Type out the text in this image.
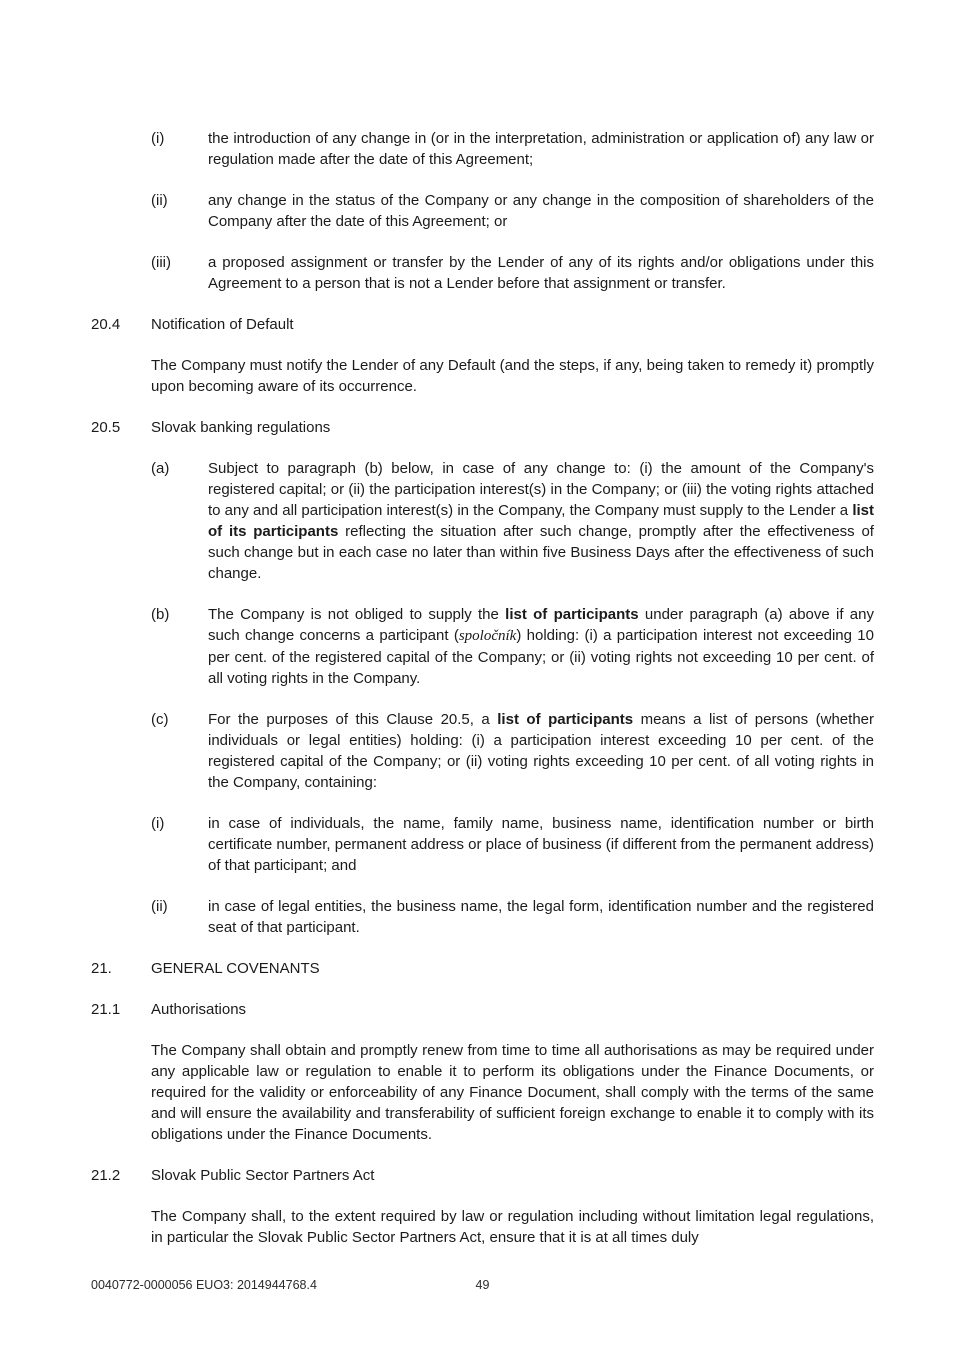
(i)	the introduction of any change in (or in the interpretation, administration or application of) any law or regulation made after the date of this Agreement;

(ii)	any change in the status of the Company or any change in the composition of shareholders of the Company after the date of this Agreement; or

(iii)	a proposed assignment or transfer by the Lender of any of its rights and/or obligations under this Agreement to a person that is not a Lender before that assignment or transfer.

20.4	Notification of Default

The Company must notify the Lender of any Default (and the steps, if any, being taken to remedy it) promptly upon becoming aware of its occurrence.

20.5	Slovak banking regulations
(a)	Subject to paragraph (b) below, in case of any change to: (i) the amount of the Company's registered capital; or (ii) the participation interest(s) in the Company; or (iii) the voting rights attached to any and all participation interest(s) in the Company, the Company must supply to the Lender a list of its participants reflecting the situation after such change, promptly after the effectiveness of such change but in each case no later than within five Business Days after the effectiveness of such change.

(b)	The Company is not obliged to supply the list of participants under paragraph (a) above if any such change concerns a participant (spoločník) holding: (i) a participation interest not exceeding 10 per cent. of the registered capital of the Company; or (ii) voting rights not exceeding 10 per cent. of all voting rights in the Company.

(c)	For the purposes of this Clause 20.5, a list of participants means a list of persons (whether individuals or legal entities) holding: (i) a participation interest exceeding 10 per cent. of the registered capital of the Company; or (ii) voting rights exceeding 10 per cent. of all voting rights in the Company, containing:

(i)	in case of individuals, the name, family name, business name, identification number or birth certificate number, permanent address or place of business (if different from the permanent address) of that participant; and

(ii)	in case of legal entities, the business name, the legal form, identification number and the registered seat of that participant.

21.	GENERAL COVENANTS
21.1	Authorisations

The Company shall obtain and promptly renew from time to time all authorisations as may be required under any applicable law or regulation to enable it to perform its obligations under the Finance Documents, or required for the validity or enforceability of any Finance Document, shall comply with the terms of the same and will ensure the availability and transferability of sufficient foreign exchange to enable it to comply with its obligations under the Finance Documents.

21.2	Slovak Public Sector Partners Act

The Company shall, to the extent required by law or regulation including without limitation legal regulations, in particular the Slovak Public Sector Partners Act, ensure that it is at all times duly

0040772-0000056 EUO3: 2014944768.4	49
